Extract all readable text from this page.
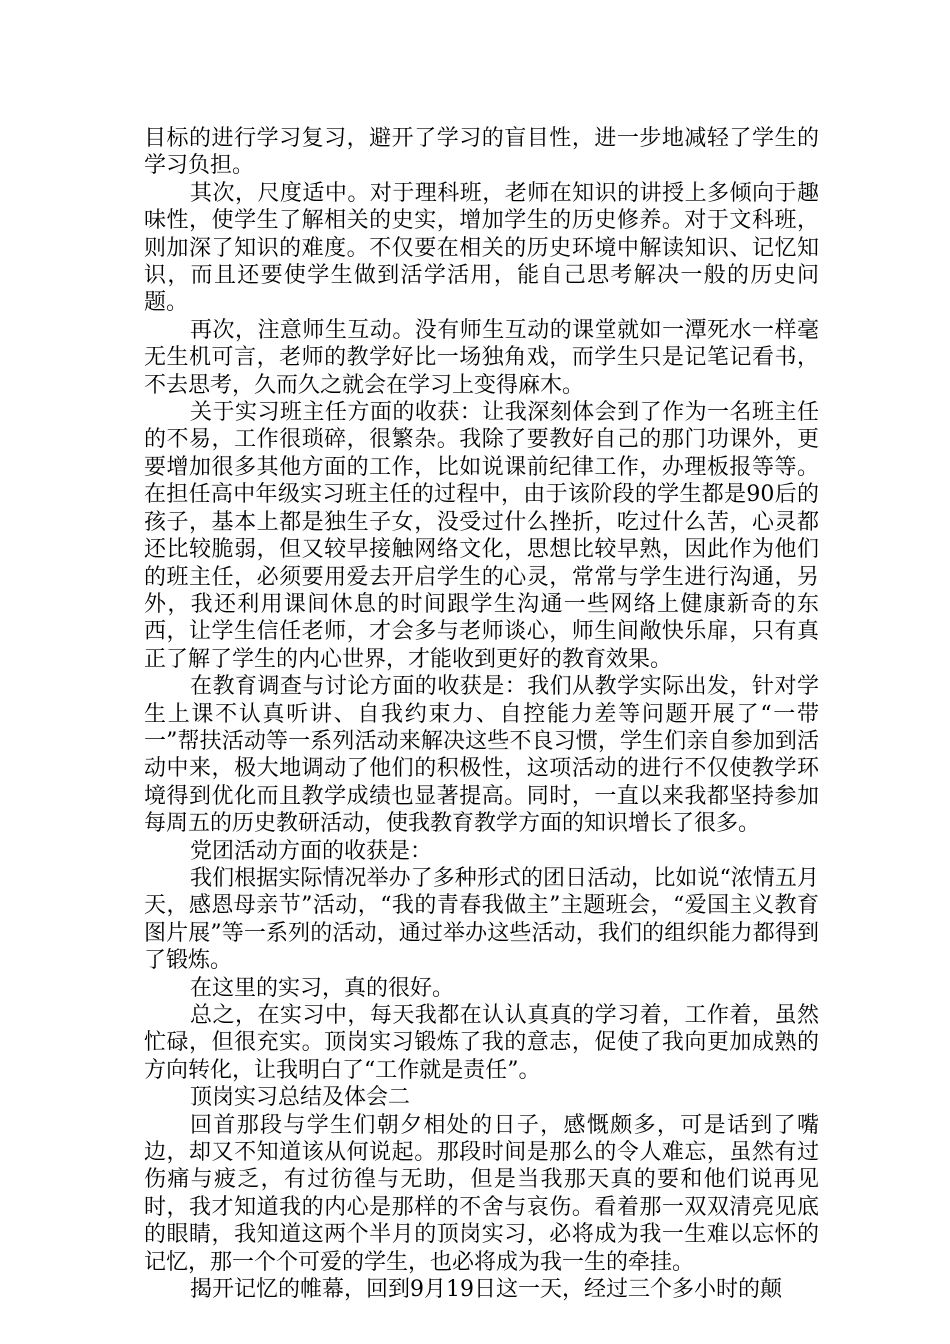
目标的进行学习复习，避开了学习的盲目性，进一步地减轻了学生的学习负担。

其次，尺度适中。对于理科班，老师在知识的讲授上多倾向于趣味性，使学生了解相关的史实，增加学生的历史修养。对于文科班，则加深了知识的难度。不仅要在相关的历史环境中解读知识、记忆知识，而且还要使学生做到活学活用，能自己思考解决一般的历史问题。

再次，注意师生互动。没有师生互动的课堂就如一潭死水一样毫无生机可言，老师的教学好比一场独角戏，而学生只是记笔记看书，不去思考，久而久之就会在学习上变得麻木。

关于实习班主任方面的收获：让我深刻体会到了作为一名班主任的不易，工作很琐碎，很繁杂。我除了要教好自己的那门功课外，更要增加很多其他方面的工作，比如说课前纪律工作，办理板报等等。在担任高中年级实习班主任的过程中，由于该阶段的学生都是90后的孩子，基本上都是独生子女，没受过什么挫折，吃过什么苦，心灵都还比较脆弱，但又较早接触网络文化，思想比较早熟，因此作为他们的班主任，必须要用爱去开启学生的心灵，常常与学生进行沟通，另外，我还利用课间休息的时间跟学生沟通一些网络上健康新奇的东西，让学生信任老师，才会多与老师谈心，师生间敞快乐扉，只有真正了解了学生的内心世界，才能收到更好的教育效果。

在教育调查与讨论方面的收获是：我们从教学实际出发，针对学生上课不认真听讲、自我约束力、自控能力差等问题开展了“一带一”帮扶活动等一系列活动来解决这些不良习惯，学生们亲自参加到活动中来，极大地调动了他们的积极性，这项活动的进行不仅使教学环境得到优化而且教学成绩也显著提高。同时，一直以来我都坚持参加每周五的历史教研活动，使我教育教学方面的知识增长了很多。

党团活动方面的收获是：

我们根据实际情况举办了多种形式的团日活动，比如说“浓情五月天，感恩母亲节”活动，“我的青春我做主”主题班会，“爱国主义教育图片展”等一系列的活动，通过举办这些活动，我们的组织能力都得到了锻炼。

在这里的实习，真的很好。

总之，在实习中，每天我都在认认真真的学习着，工作着，虽然忙碌，但很充实。顶岗实习锻炼了我的意志，促使了我向更加成熟的方向转化，让我明白了“工作就是责任”。

顶岗实习总结及体会二

回首那段与学生们朝夕相处的日子，感慨颇多，可是话到了嘴边，却又不知道该从何说起。那段时间是那么的令人难忘，虽然有过伤痛与疲乏，有过彷徨与无助，但是当我那天真的要和他们说再见时，我才知道我的内心是那样的不舍与哀伤。看着那一双双清亮见底的眼睛，我知道这两个半月的顶岗实习，必将成为我一生难以忘怀的记忆，那一个个可爱的学生，也必将成为我一生的牵挂。

揭开记忆的帷幕，回到9月19日这一天，经过三个多小时的颠
